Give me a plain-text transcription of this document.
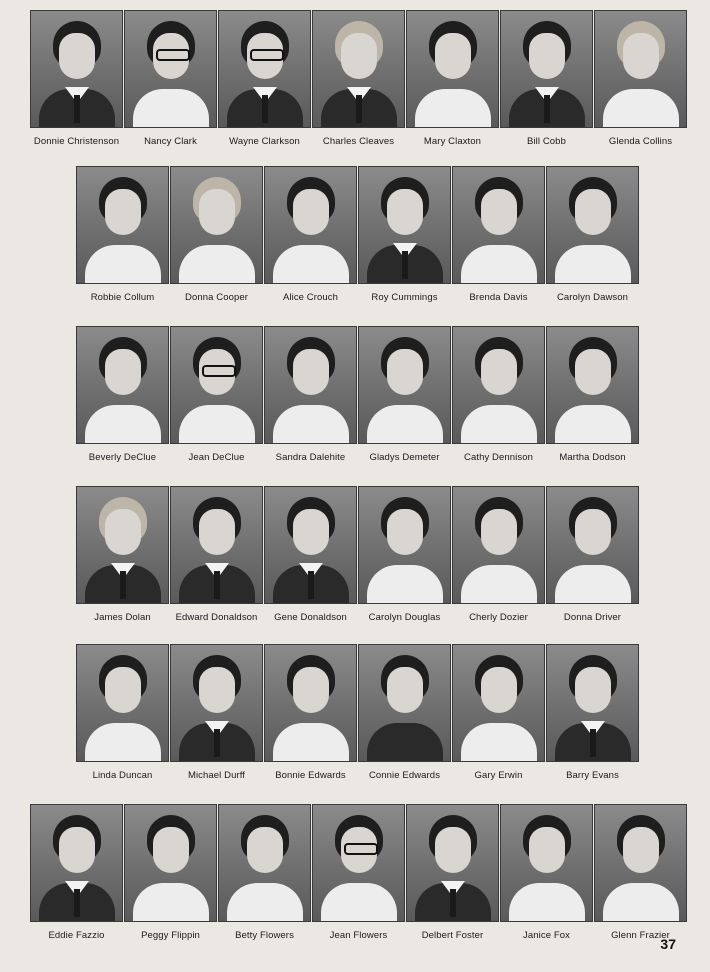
Donnie Christenson	Nancy Clark	Wayne Clarkson	Charles Cleaves	Mary Claxton	Bill Cobb	Glenda Collins
Robbie Collum	Donna Cooper	Alice Crouch	Roy Cummings	Brenda Davis	Carolyn Dawson
Beverly DeClue	Jean DeClue	Sandra Dalehite	Gladys Demeter	Cathy Dennison	Martha Dodson
James Dolan	Edward Donaldson	Gene Donaldson	Carolyn Douglas	Cherly Dozier	Donna Driver
Linda Duncan	Michael Durff	Bonnie Edwards	Connie Edwards	Gary Erwin	Barry Evans
Eddie Fazzio	Peggy Flippin	Betty Flowers	Jean Flowers	Delbert Foster	Janice Fox	Glenn Frazier
37
